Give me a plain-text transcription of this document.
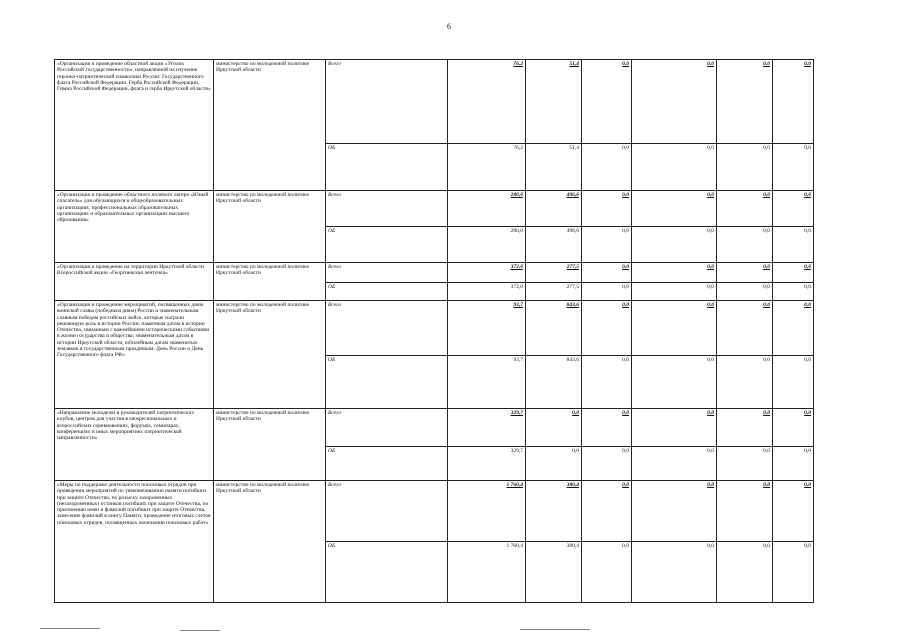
6
«Организация и проведение областной акции «Уголок Российской государственности», направленной на изучение героико-патриотической символики России: Государственного флага Российской Федерации, Герба Российской Федерации, Гимна Российской Федерации, флага и герба Иркутской области»	министерство по молодежной политике Иркутской области	Всего	76,2	51,4	0,0	0,0	0,0	0,0	
		ОБ	76,2	51,4	0,0	0,0	0,0	0,0	
«Организация и проведение областного полевого лагеря «Юный спасатель» для обучающихся в общеобразовательных организациях, профессиональных образовательных организациях и образовательных организациях высшего образования»	министерство по молодежной политике Иркутской области	Всего	280,0	496,6	0,0	0,0	0,0	0,0	
		ОБ	280,0	496,6	0,0	0,0	0,0	0,0	
«Организация и проведение на территории Иркутской области Всероссийской акции «Георгиевская ленточка»	министерство по молодежной политике Иркутской области	Всего	372,0	277,5	0,0	0,0	0,0	0,0	
		ОБ	372,0	277,5	0,0	0,0	0,0	0,0	
«Организация и проведение мероприятий, посвященных дням воинской славы (победным дням) России и знаменательным славным победам российских войск, которые сыграли решающую роль в истории России; памятным датам в истории Отечества, связанным с важнейшими историческими событиями в жизни государства и общества; знаменательным датам в истории Иркутской области, юбилейным датам знаменитых земляков и государственным праздникам: День России и День Государственного флага РФ»	министерство по молодежной политике Иркутской области	Всего	93,7	843,6	0,0	0,0	0,0	0,0	
		ОБ	93,7	843,6	0,0	0,0	0,0	0,0	
«Направление молодежи и руководителей патриотических клубов, центров для участия в межрегиональных и всероссийских соревнованиях, форумах, семинарах, конференциях и иных мероприятиях патриотической направленности»	министерство по молодежной политике Иркутской области	Всего	329,7	0,0	0,0	0,0	0,0	0,0	
		ОБ	329,7	0,0	0,0	0,0	0,0	0,0	
«Меры по поддержке деятельности поисковых отрядов при проведении мероприятий по увековечиванию памяти погибших при защите Отечества, по розыску захороненных (незахороненных) останков погибших при защите Отечества, по присвоению имен и фамилий погибших при защите Отечества, занесение фамилий в книгу Памяти, проведение итоговых слетов поисковых отрядов, посвященных окончанию поисковых работ»	министерство по молодежной политике Иркутской области	Всего	1 760,4	380,4	0,0	0,0	0,0	0,0	
		ОБ	1 760,4	380,4	0,0	0,0	0,0	0,0	
